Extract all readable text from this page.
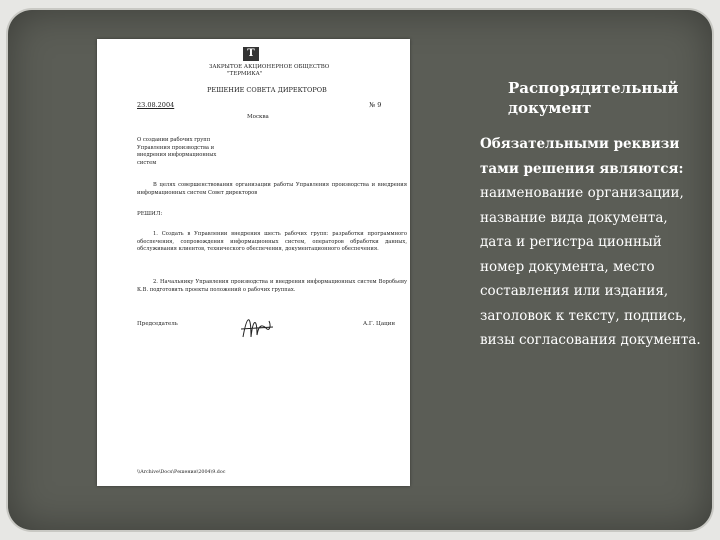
Т
ЗАКРЫТОЕ АКЦИОНЕРНОЕ ОБЩЕСТВО
"ТЕРМИКА"
РЕШЕНИЕ СОВЕТА ДИРЕКТОРОВ
23.08.2004	№ 9
Москва
О создании рабочих групп Управления производства и внедрения информационных систем
В целях совершенствования организации работы Управления производства и внедрения информационных систем Совет директоров
РЕШИЛ:
1. Создать в Управлении внедрения шесть рабочих групп: разработки программного обеспечения, сопровождения информационных систем, операторов обработки данных, обслуживания клиентов, технического обеспечения, документационного обеспечения.
2. Начальнику Управления производства и внедрения информационных систем Воробьеву К.В. подготовить проекты положений о рабочих группах.
Председатель	А.Г. Цацин
\\Archive\Docs\Решения\2004\9.doc
Распорядительный документ
Обязательными реквизи тами решения являются: наименование организации, название вида документа, дата и регистра ционный номер документа, место составления или издания, заголовок к тексту, подпись, визы согласования документа.
